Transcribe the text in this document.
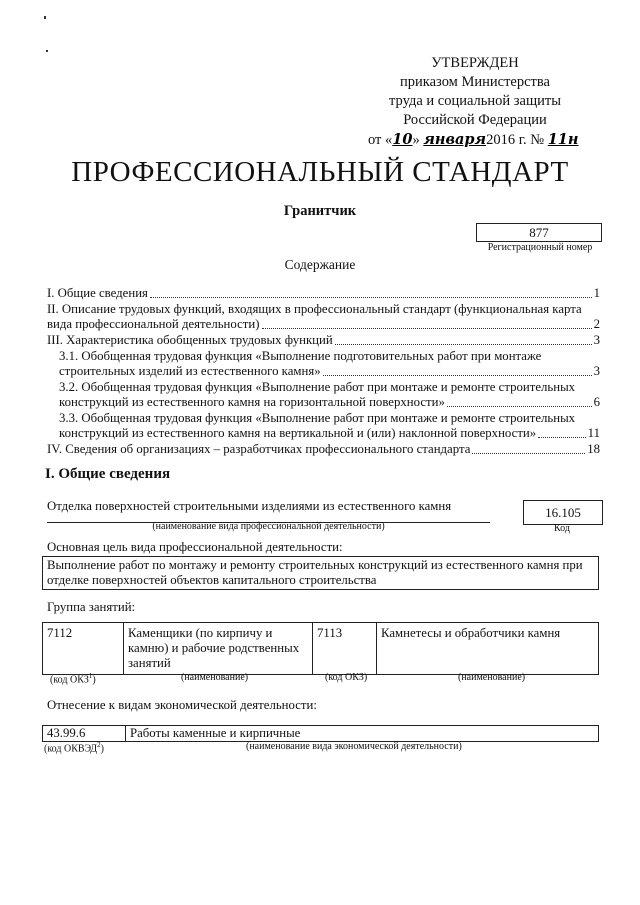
УТВЕРЖДЕН
приказом Министерства
труда и социальной защиты
Российской Федерации
от «10» января2016 г. № 11н
ПРОФЕССИОНАЛЬНЫЙ СТАНДАРТ
Гранитчик
877
Регистрационный номер
Содержание
I. Общие сведения	1
II. Описание трудовых функций, входящих в профессиональный стандарт (функциональная карта
вида профессиональной деятельности)	2
III. Характеристика обобщенных трудовых функций	3
3.1. Обобщенная трудовая функция «Выполнение подготовительных работ при монтаже
строительных изделий из естественного камня»	3
3.2. Обобщенная трудовая функция «Выполнение работ при монтаже и ремонте строительных
конструкций из естественного камня на горизонтальной поверхности»	6
3.3. Обобщенная трудовая функция «Выполнение работ при монтаже и ремонте строительных
конструкций из естественного камня на вертикальной и (или) наклонной поверхности»	11
IV. Сведения об организациях – разработчиках профессионального стандарта	18
I. Общие сведения
Отделка поверхностей строительными изделиями из естественного камня
(наименование вида профессиональной деятельности)
16.105
Код
Основная цель вида профессиональной деятельности:
Выполнение работ по монтажу и ремонту строительных конструкций из естественного камня при отделке поверхностей объектов капитального строительства
Группа занятий:
7112	Каменщики (по кирпичу и камню) и рабочие родственных занятий	7113	Камнетесы и обработчики камня
(код ОКЗ$^1$)	(наименование)	(код ОКЗ)	(наименование)
Отнесение к видам экономической деятельности:
43.99.6	Работы каменные и кирпичные
(код ОКВЭД$^2$)	(наименование вида экономической деятельности)
